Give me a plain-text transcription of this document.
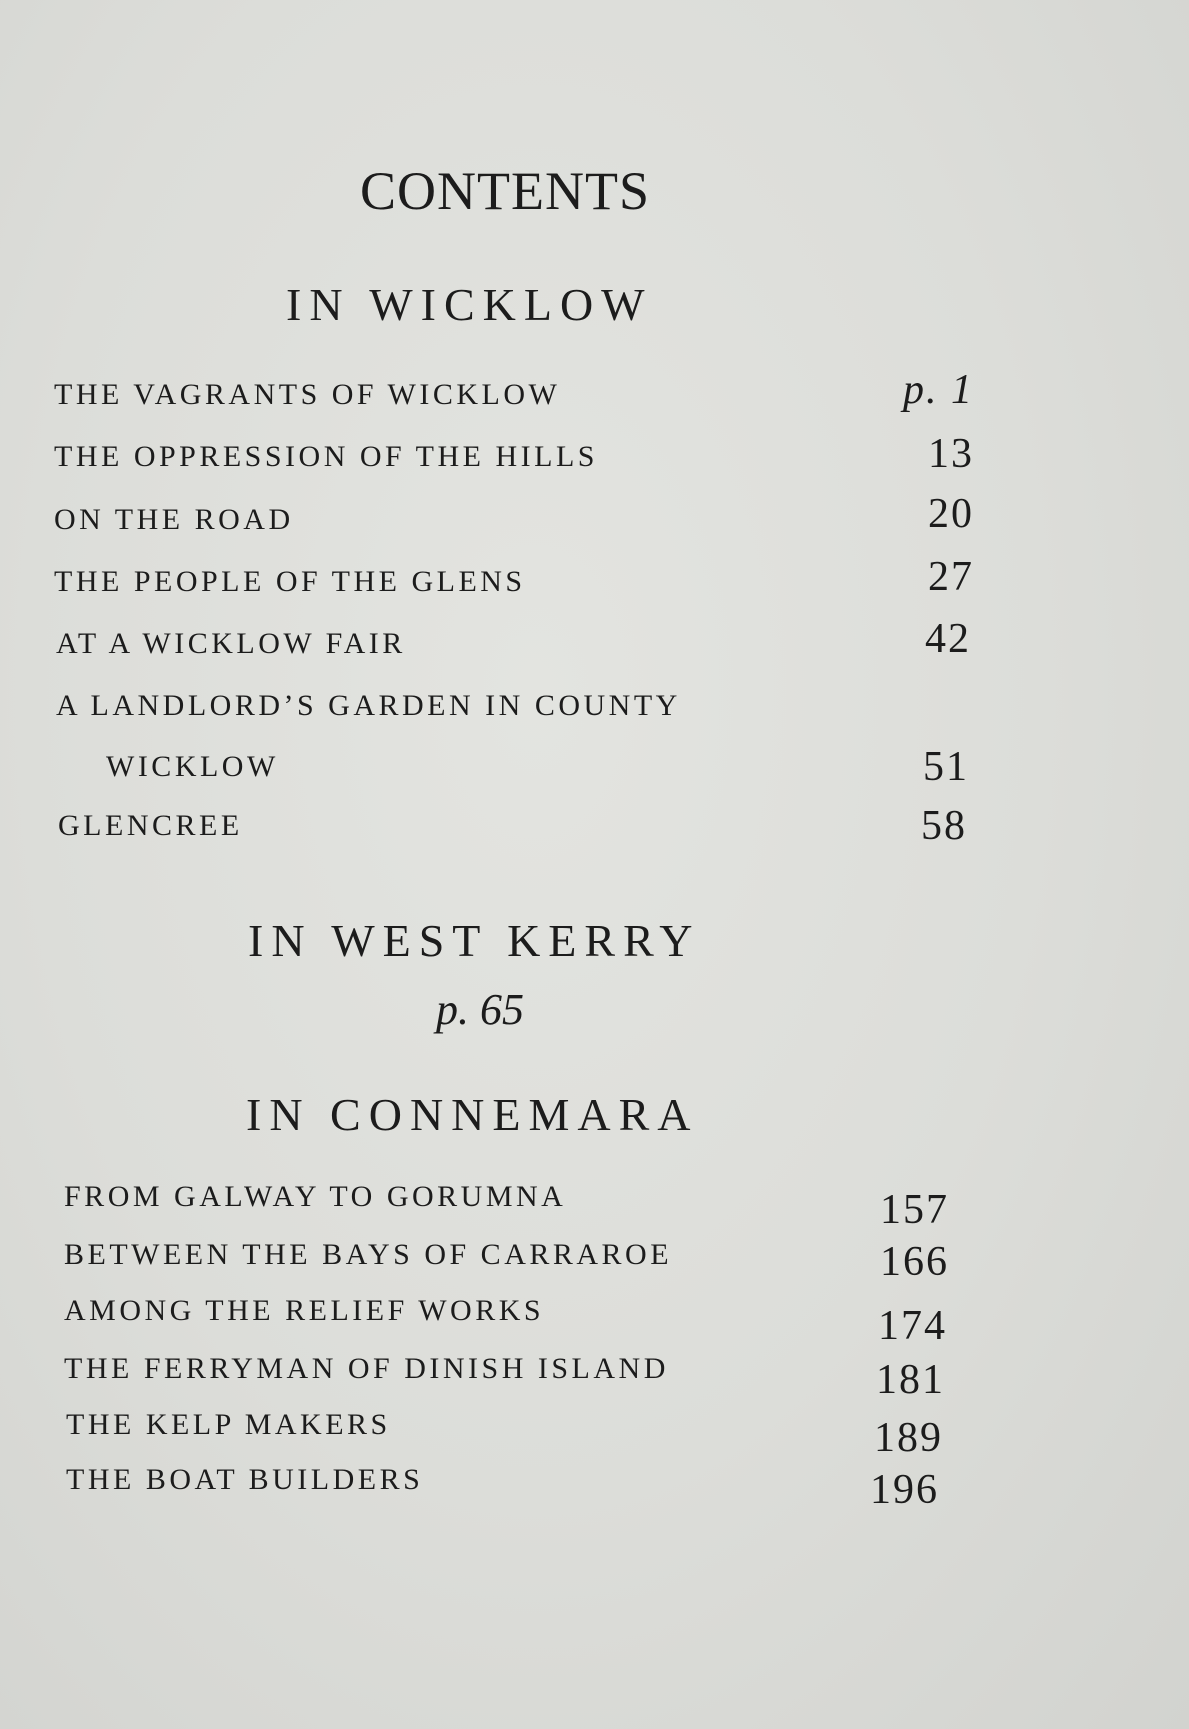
CONTENTS
IN WICKLOW
THE VAGRANTS OF WICKLOW	p. 1
THE OPPRESSION OF THE HILLS	13
ON THE ROAD	20
THE PEOPLE OF THE GLENS	27
AT A WICKLOW FAIR	42
A LANDLORD’S GARDEN IN COUNTY
WICKLOW	51
GLENCREE	58
IN WEST KERRY
p. 65
IN CONNEMARA
FROM GALWAY TO GORUMNA	157
BETWEEN THE BAYS OF CARRAROE	166
AMONG THE RELIEF WORKS	174
THE FERRYMAN OF DINISH ISLAND	181
THE KELP MAKERS	189
THE BOAT BUILDERS	196
